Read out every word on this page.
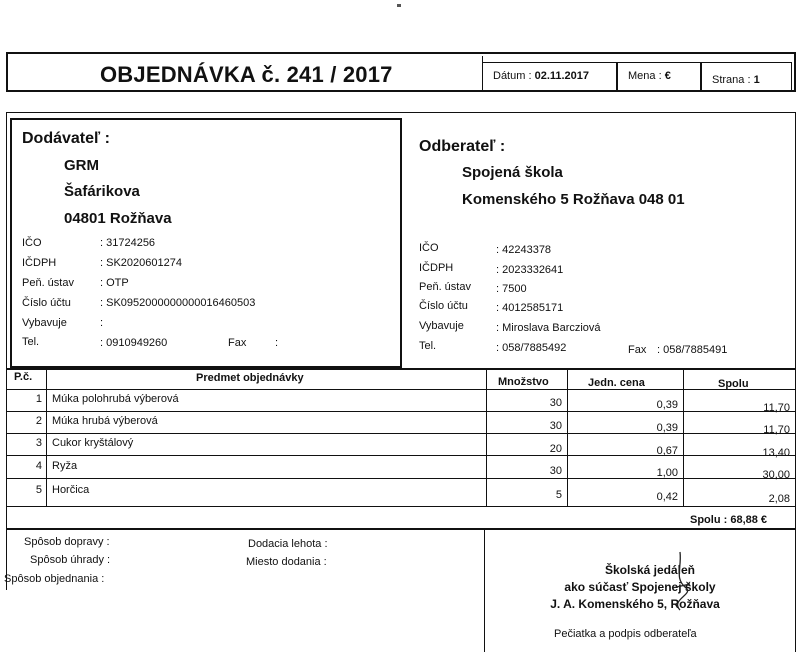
OBJEDNÁVKA č. 241 / 2017	Dátum : 02.11.2017	Mena : €	Strana : 1
Dodávateľ :
GRM
Šafárikova
04801 Rožňava
IČO	: 31724256
IČDPH	: SK2020601274
Peň. ústav : OTP
Číslo účtu	: SK0952000000000016460503
Vybavuje	:
Tel.	: 0910949260	Fax	:
Odberateľ :
Spojená škola
Komenského 5 Rožňava 048 01
IČO	: 42243378
IČDPH	: 2023332641
Peň. ústav : 7500
Číslo účtu	: 4012585171
Vybavuje	: Miroslava Barcziová
Tel.	: 058/7885492	Fax : 058/7885491
P.č.	Predmet objednávky	Množstvo	Jedn. cena	Spolu
1 Múka polohrubá výberová	30	0,39	11,70
2 Múka hrubá výberová	30	0,39	11,70
3 Cukor kryštálový	20	0,67	13,40
4 Ryža	30	1,00	30,00
5 Horčica	5	0,42	2,08
Spolu : 68,88 €
Spôsob dopravy :
Spôsob úhrady :
Spôsob objednania :
Dodacia lehota :
Miesto dodania :
Školská jedáleň
ako súčasť Spojenej školy
J. A. Komenského 5, Rožňava
Pečiatka a podpis odberateľa
